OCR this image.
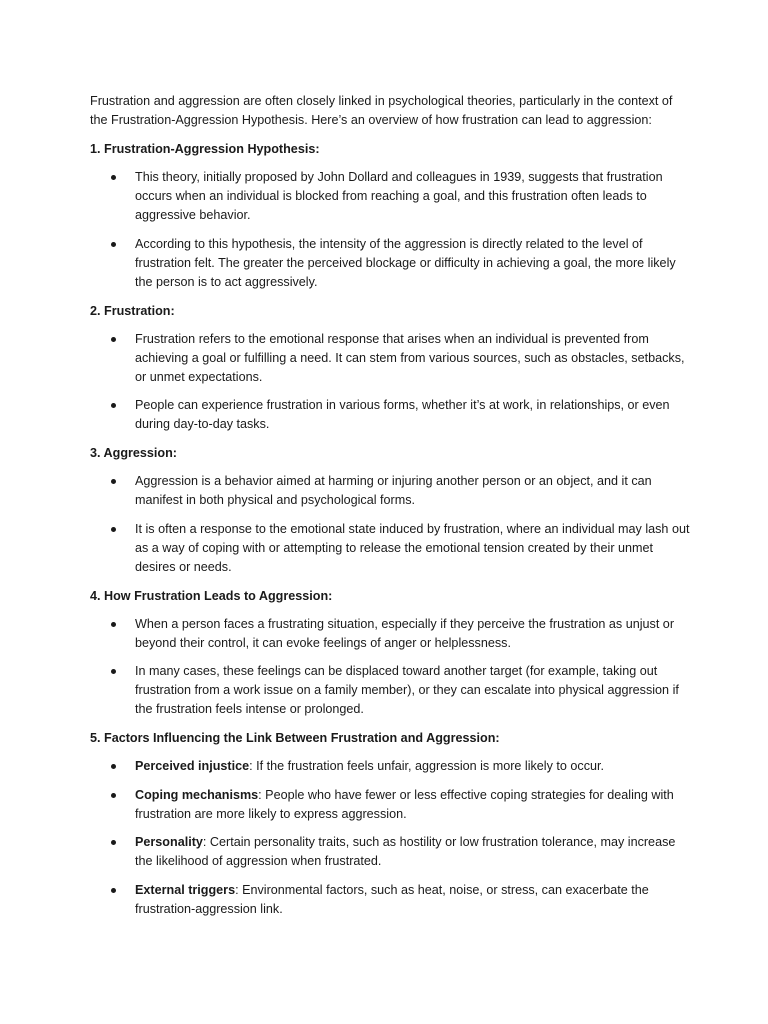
Frustration and aggression are often closely linked in psychological theories, particularly in the context of the Frustration-Aggression Hypothesis. Here’s an overview of how frustration can lead to aggression:

1. Frustration-Aggression Hypothesis:
This theory, initially proposed by John Dollard and colleagues in 1939, suggests that frustration occurs when an individual is blocked from reaching a goal, and this frustration often leads to aggressive behavior.
According to this hypothesis, the intensity of the aggression is directly related to the level of frustration felt. The greater the perceived blockage or difficulty in achieving a goal, the more likely the person is to act aggressively.
2. Frustration:
Frustration refers to the emotional response that arises when an individual is prevented from achieving a goal or fulfilling a need. It can stem from various sources, such as obstacles, setbacks, or unmet expectations.
People can experience frustration in various forms, whether it’s at work, in relationships, or even during day-to-day tasks.
3. Aggression:
Aggression is a behavior aimed at harming or injuring another person or an object, and it can manifest in both physical and psychological forms.
It is often a response to the emotional state induced by frustration, where an individual may lash out as a way of coping with or attempting to release the emotional tension created by their unmet desires or needs.
4. How Frustration Leads to Aggression:
When a person faces a frustrating situation, especially if they perceive the frustration as unjust or beyond their control, it can evoke feelings of anger or helplessness.
In many cases, these feelings can be displaced toward another target (for example, taking out frustration from a work issue on a family member), or they can escalate into physical aggression if the frustration feels intense or prolonged.
5. Factors Influencing the Link Between Frustration and Aggression:
Perceived injustice: If the frustration feels unfair, aggression is more likely to occur.
Coping mechanisms: People who have fewer or less effective coping strategies for dealing with frustration are more likely to express aggression.
Personality: Certain personality traits, such as hostility or low frustration tolerance, may increase the likelihood of aggression when frustrated.
External triggers: Environmental factors, such as heat, noise, or stress, can exacerbate the frustration-aggression link.
